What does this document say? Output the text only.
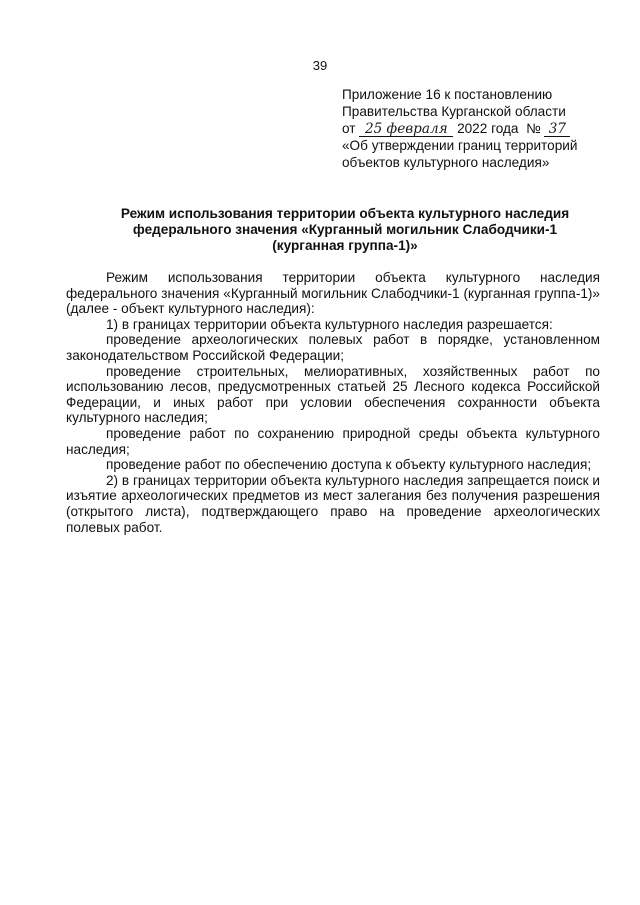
39
Приложение 16 к постановлению
Правительства Курганской области
от 25 февраля 2022 года № 37
«Об утверждении границ территорий
объектов культурного наследия»
Режим использования территории объекта культурного наследия
федерального значения «Курганный могильник Слабодчики-1
(курганная группа-1)»

Режим использования территории объекта культурного наследия федерального значения «Курганный могильник Слабодчики-1 (курганная группа-1)» (далее - объект культурного наследия):

1) в границах территории объекта культурного наследия разрешается:

проведение археологических полевых работ в порядке, установленном законодательством Российской Федерации;

проведение строительных, мелиоративных, хозяйственных работ по использованию лесов, предусмотренных статьей 25 Лесного кодекса Российской Федерации, и иных работ при условии обеспечения сохранности объекта культурного наследия;

проведение работ по сохранению природной среды объекта культурного наследия;

проведение работ по обеспечению доступа к объекту культурного наследия;

2) в границах территории объекта культурного наследия запрещается поиск и изъятие археологических предметов из мест залегания без получения разрешения (открытого листа), подтверждающего право на проведение археологических полевых работ.
